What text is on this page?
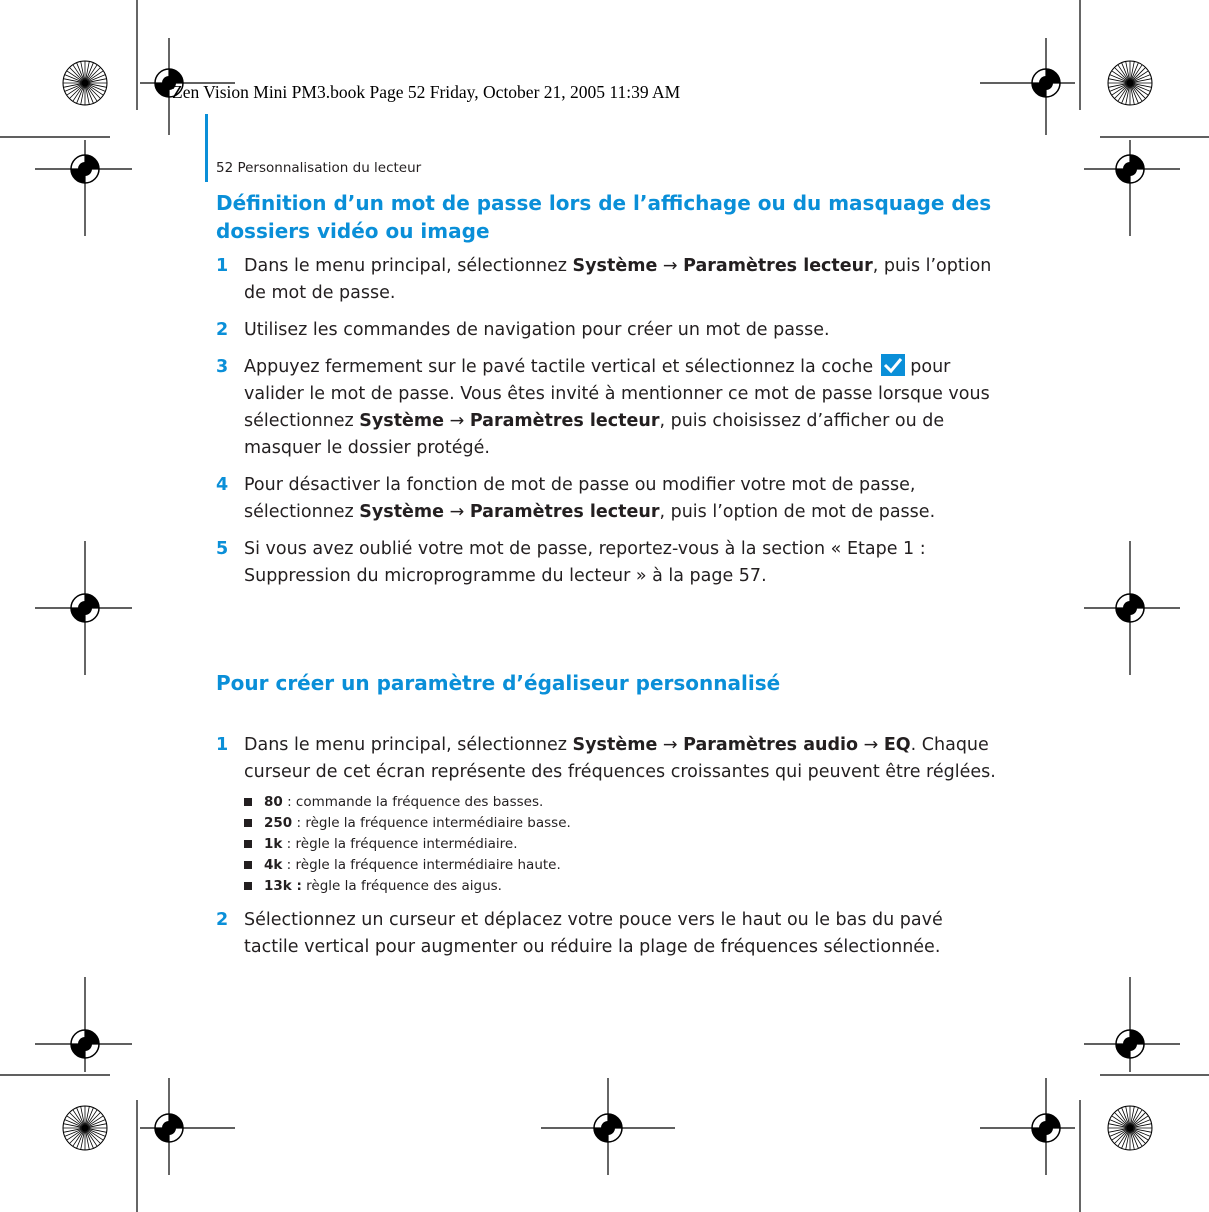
Zen Vision Mini PM3.book Page 52 Friday, October 21, 2005 11:39 AM
52 Personnalisation du lecteur
Définition d’un mot de passe lors de l’affichage ou du masquage des dossiers vidéo ou image
1 Dans le menu principal, sélectionnez Système → Paramètres lecteur, puis l’option de mot de passe.
2 Utilisez les commandes de navigation pour créer un mot de passe.
3 Appuyez fermement sur le pavé tactile vertical et sélectionnez la coche  pour valider le mot de passe. Vous êtes invité à mentionner ce mot de passe lorsque vous sélectionnez Système → Paramètres lecteur, puis choisissez d’afficher ou de masquer le dossier protégé.
4 Pour désactiver la fonction de mot de passe ou modifier votre mot de passe, sélectionnez Système → Paramètres lecteur, puis l’option de mot de passe.
5 Si vous avez oublié votre mot de passe, reportez-vous à la section « Etape 1 : Suppression du microprogramme du lecteur » à la page 57.
Pour créer un paramètre d’égaliseur personnalisé
1 Dans le menu principal, sélectionnez Système → Paramètres audio → EQ. Chaque curseur de cet écran représente des fréquences croissantes qui peuvent être réglées.
80 : commande la fréquence des basses.
250 : règle la fréquence intermédiaire basse.
1k : règle la fréquence intermédiaire.
4k : règle la fréquence intermédiaire haute.
13k : règle la fréquence des aigus.
2 Sélectionnez un curseur et déplacez votre pouce vers le haut ou le bas du pavé tactile vertical pour augmenter ou réduire la plage de fréquences sélectionnée.
